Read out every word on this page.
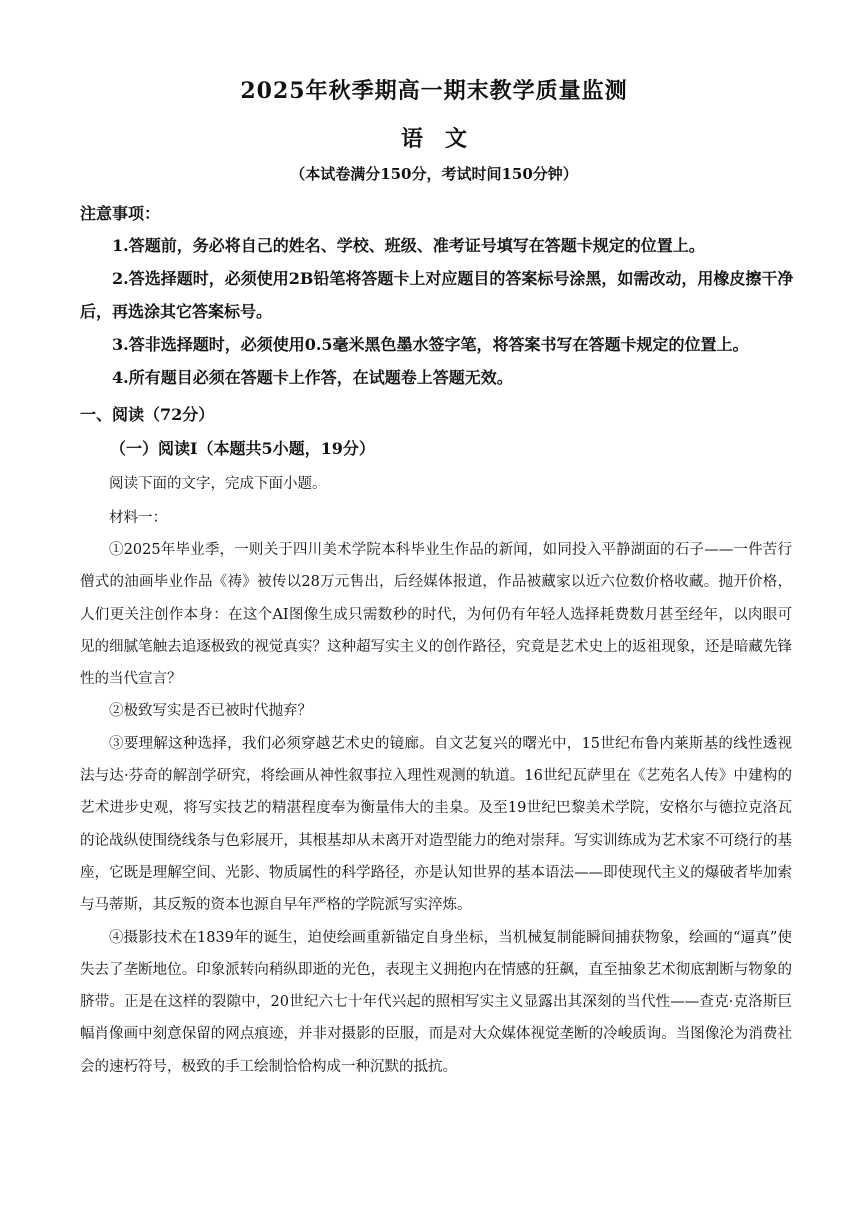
2025年秋季期高一期末教学质量监测
语文
（本试卷满分150分，考试时间150分钟）
注意事项：

1.答题前，务必将自己的姓名、学校、班级、准考证号填写在答题卡规定的位置上。

2.答选择题时，必须使用2B铅笔将答题卡上对应题目的答案标号涂黑，如需改动，用橡皮擦干净后，再选涂其它答案标号。

3.答非选择题时，必须使用0.5毫米黑色墨水签字笔，将答案书写在答题卡规定的位置上。

4.所有题目必须在答题卡上作答，在试题卷上答题无效。

一、阅读（72分）
（一）阅读Ⅰ（本题共5小题，19分）
阅读下面的文字，完成下面小题。
材料一：

①2025年毕业季，一则关于四川美术学院本科毕业生作品的新闻，如同投入平静湖面的石子——一件苦行僧式的油画毕业作品《祷》被传以28万元售出，后经媒体报道，作品被藏家以近六位数价格收藏。抛开价格，人们更关注创作本身：在这个AI图像生成只需数秒的时代，为何仍有年轻人选择耗费数月甚至经年，以肉眼可见的细腻笔触去追逐极致的视觉真实？这种超写实主义的创作路径，究竟是艺术史上的返祖现象，还是暗藏先锋性的当代宣言？

②极致写实是否已被时代抛弃？

③要理解这种选择，我们必须穿越艺术史的镜廊。自文艺复兴的曙光中，15世纪布鲁内莱斯基的线性透视法与达·芬奇的解剖学研究，将绘画从神性叙事拉入理性观测的轨道。16世纪瓦萨里在《艺苑名人传》中建构的艺术进步史观，将写实技艺的精湛程度奉为衡量伟大的圭臬。及至19世纪巴黎美术学院，安格尔与德拉克洛瓦的论战纵使围绕线条与色彩展开，其根基却从未离开对造型能力的绝对崇拜。写实训练成为艺术家不可绕行的基座，它既是理解空间、光影、物质属性的科学路径，亦是认知世界的基本语法——即使现代主义的爆破者毕加索与马蒂斯，其反叛的资本也源自早年严格的学院派写实淬炼。

④摄影技术在1839年的诞生，迫使绘画重新锚定自身坐标，当机械复制能瞬间捕获物象，绘画的“逼真”使失去了垄断地位。印象派转向稍纵即逝的光色，表现主义拥抱内在情感的狂飙，直至抽象艺术彻底割断与物象的脐带。正是在这样的裂隙中，20世纪六七十年代兴起的照相写实主义显露出其深刻的当代性——查克·克洛斯巨幅肖像画中刻意保留的网点痕迹，并非对摄影的臣服，而是对大众媒体视觉垄断的冷峻质询。当图像沦为消费社会的速朽符号，极致的手工绘制恰恰构成一种沉默的抵抗。
